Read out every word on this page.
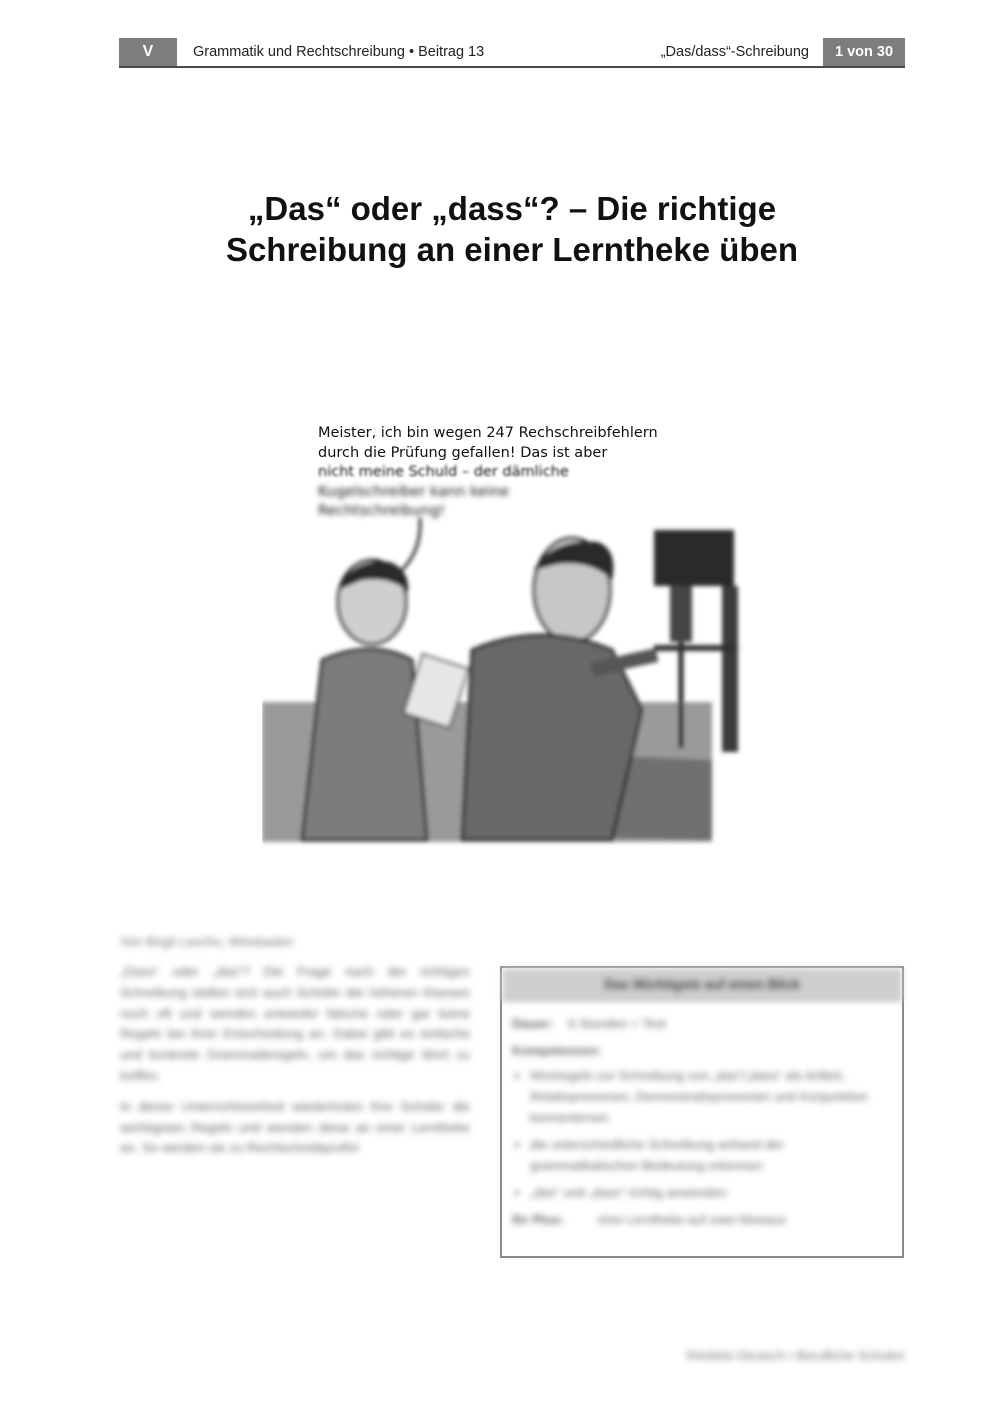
V	Grammatik und Rechtschreibung • Beitrag 13	„Das/dass“-Schreibung	1 von 30
„Das“ oder „dass“? – Die richtige
Schreibung an einer Lerntheke üben
Meister, ich bin wegen 247 Rechschreibfehlern
durch die Prüfung gefallen! Das ist aber
nicht meine Schuld – der dämliche
Kugelschreiber kann keine
Rechtschreibung!
Von Birgit Lascho, Wiesbaden

„Dass“ oder „das“? Die Frage nach der richtigen Schreibung stellen sich auch Schüler der höheren Klassen noch oft und wenden entweder falsche oder gar keine Regeln bei ihrer Entscheidung an. Dabei gibt es einfache und konkrete Grammatikregeln, um das richtige Wort zu treffen.

In dieser Unterrichtseinheit wiederholen Ihre Schüler die wichtigsten Regeln und wenden diese an einer Lerntheke an. So werden sie zu Rechtschreibprofis!

Das Wichtigste auf einen Blick
Dauer:	6 Stunden + Test
Kompetenzen:
• Wortregeln zur Schreibung von „das“/„dass“ als Artikel, Relativpronomen, Demonstrativpronomen und Konjunktion kennenlernen
• die unterschiedliche Schreibung anhand der grammatikalischen Bedeutung erkennen
• „das“ und „dass“ richtig anwenden
Ihr Plus:	eine Lerntheke auf zwei Niveaus
RAAbits Deutsch • Berufliche Schulen
